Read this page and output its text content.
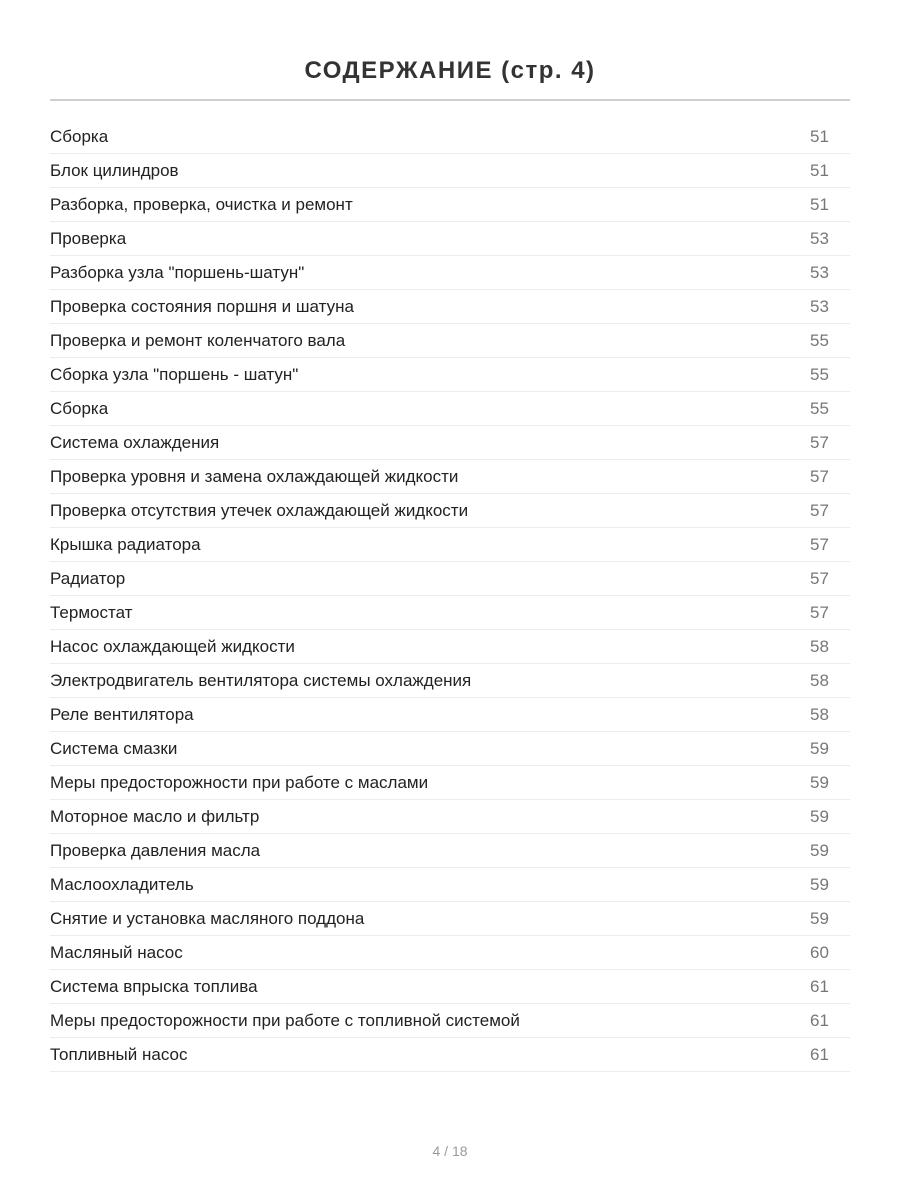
СОДЕРЖАНИЕ (стр. 4)
Сборка	51
Блок цилиндров	51
Разборка, проверка, очистка и ремонт	51
Проверка	53
Разборка узла "поршень-шатун"	53
Проверка состояния поршня и шатуна	53
Проверка и ремонт коленчатого вала	55
Сборка узла "поршень - шатун"	55
Сборка	55
Система охлаждения	57
Проверка уровня и замена охлаждающей жидкости	57
Проверка отсутствия утечек охлаждающей жидкости	57
Крышка радиатора	57
Радиатор	57
Термостат	57
Насос охлаждающей жидкости	58
Электродвигатель вентилятора системы охлаждения	58
Реле вентилятора	58
Система смазки	59
Меры предосторожности при работе с маслами	59
Моторное масло и фильтр	59
Проверка давления масла	59
Маслоохладитель	59
Снятие и установка масляного поддона	59
Масляный насос	60
Система впрыска топлива	61
Меры предосторожности при работе с топливной системой	61
Топливный насос	61
4 / 18
